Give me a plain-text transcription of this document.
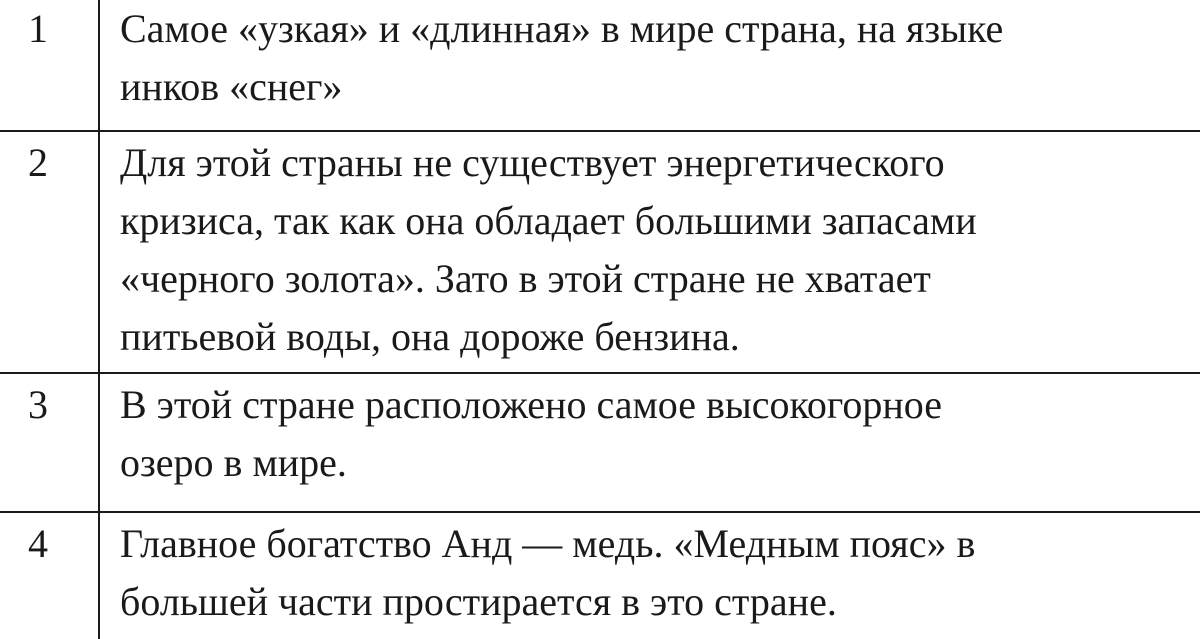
1	Самое «узкая» и «длинная» в мире страна, на языке
инков «снег»

2	Для этой страны не существует энергетического
кризиса, так как она обладает большими запасами
«черного золота». Зато в этой стране не хватает
питьевой воды, она дороже бензина.

3	В этой стране расположено самое высокогорное
озеро в мире.

4	Главное богатство Анд — медь. «Медным пояс» в
большей части простирается в это стране.
